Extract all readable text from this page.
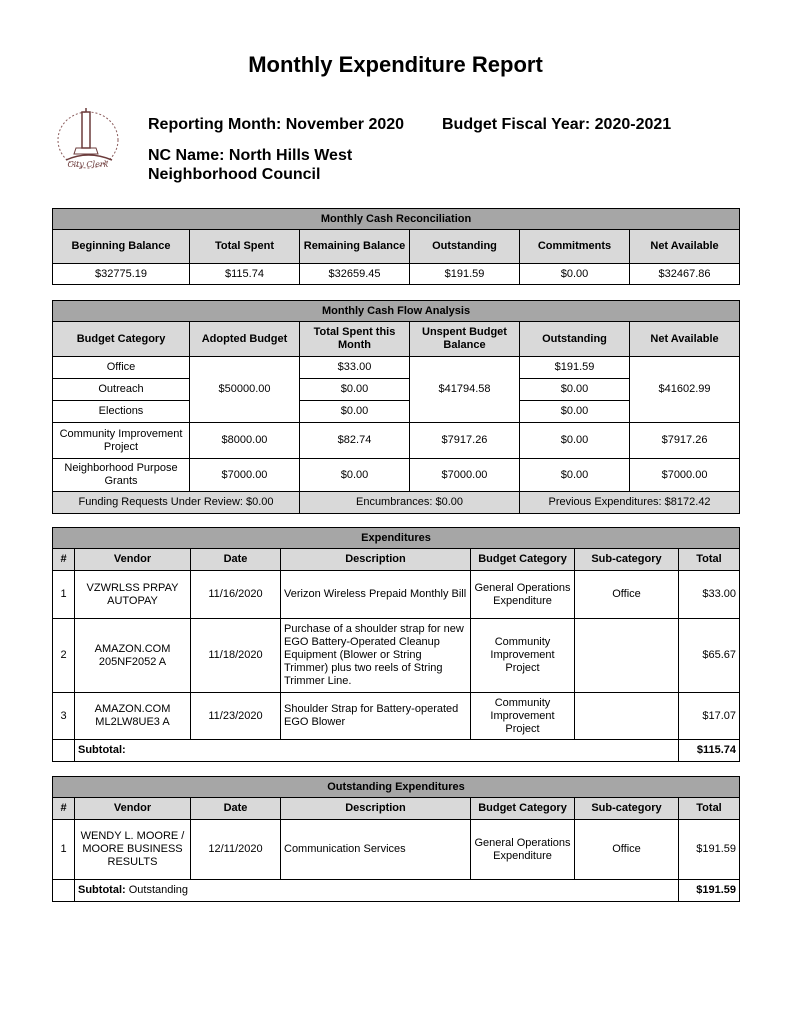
Monthly Expenditure Report
City Clerk
Reporting Month: November 2020 Budget Fiscal Year: 2020-2021
NC Name: North Hills West Neighborhood Council
Monthly Cash Reconciliation					
Beginning Balance	Total Spent	Remaining Balance	Outstanding	Commitments	Net Available
$32775.19	$115.74	$32659.45	$191.59	$0.00	$32467.86
Monthly Cash Flow Analysis					
Budget Category	Adopted Budget	Total Spent this Month	Unspent Budget Balance	Outstanding	Net Available
Office	$50000.00	$33.00	$41794.58	$191.59	$41602.99
Outreach		$0.00		$0.00	
Elections		$0.00		$0.00	
Community Improvement Project	$8000.00	$82.74	$7917.26	$0.00	$7917.26
Neighborhood Purpose Grants	$7000.00	$0.00	$7000.00	$0.00	$7000.00
Funding Requests Under Review: $0.00		Encumbrances: $0.00		Previous Expenditures: $8172.42	
Expenditures						
#	Vendor	Date	Description	Budget Category	Sub-category	Total
1	VZWRLSS PRPAY AUTOPAY	11/16/2020	Verizon Wireless Prepaid Monthly Bill	General Operations Expenditure	Office	$33.00
2	AMAZON.COM 205NF2052 A	11/18/2020	Purchase of a shoulder strap for new EGO Battery-Operated Cleanup Equipment (Blower or String Trimmer) plus two reels of String Trimmer Line.	Community Improvement Project		$65.67
3	AMAZON.COM ML2LW8UE3 A	11/23/2020	Shoulder Strap for Battery-operated EGO Blower	Community Improvement Project		$17.07
	Subtotal:					$115.74
Outstanding Expenditures						
#	Vendor	Date	Description	Budget Category	Sub-category	Total
1	WENDY L. MOORE / MOORE BUSINESS RESULTS	12/11/2020	Communication Services	General Operations Expenditure	Office	$191.59
	Subtotal: Outstanding					$191.59
